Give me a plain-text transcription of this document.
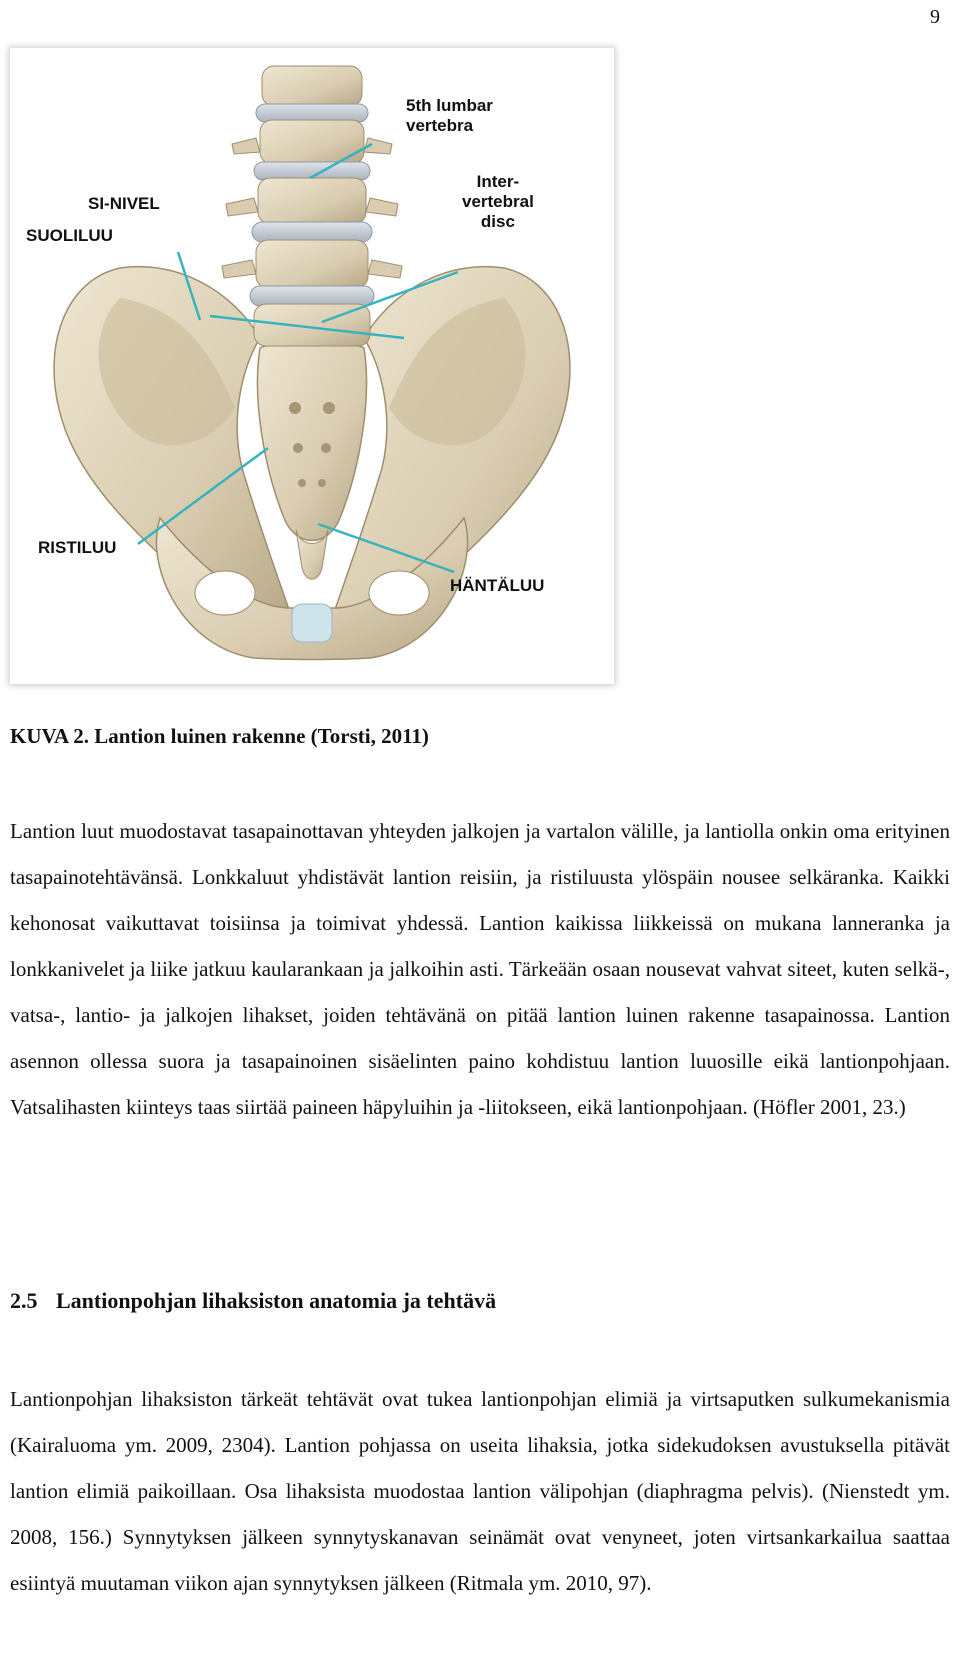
9
5th lumbar
vertebra
Inter-
vertebral
disc
SI-NIVEL
SUOLILUU
RISTILUU
HÄNTÄLUU
KUVA 2. Lantion luinen rakenne (Torsti, 2011)

Lantion luut muodostavat tasapainottavan yhteyden jalkojen ja vartalon välille, ja lantiolla onkin oma erityinen tasapainotehtävänsä. Lonkkaluut yhdistävät lantion reisiin, ja ristiluusta ylöspäin nousee selkäranka. Kaikki kehonosat vaikuttavat toisiinsa ja toimivat yhdessä. Lantion kaikissa liikkeissä on mukana lanneranka ja lonkkanivelet ja liike jatkuu kaularankaan ja jalkoihin asti. Tärkeään osaan nousevat vahvat siteet, kuten selkä-, vatsa-, lantio- ja jalkojen lihakset, joiden tehtävänä on pitää lantion luinen rakenne tasapainossa. Lantion asennon ollessa suora ja tasapainoinen sisäelinten paino kohdistuu lantion luuosille eikä lantionpohjaan. Vatsalihasten kiinteys taas siirtää paineen häpyluihin ja -liitokseen, eikä lantionpohjaan. (Höfler 2001, 23.)

2.5 Lantionpohjan lihaksiston anatomia ja tehtävä

Lantionpohjan lihaksiston tärkeät tehtävät ovat tukea lantionpohjan elimiä ja virtsaputken sulkumekanismia (Kairaluoma ym. 2009, 2304). Lantion pohjassa on useita lihaksia, jotka sidekudoksen avustuksella pitävät lantion elimiä paikoillaan. Osa lihaksista muodostaa lantion välipohjan (diaphragma pelvis). (Nienstedt ym. 2008, 156.) Synnytyksen jälkeen synnytyskanavan seinämät ovat venyneet, joten virtsankarkailua saattaa esiintyä muutaman viikon ajan synnytyksen jälkeen (Ritmala ym. 2010, 97).
